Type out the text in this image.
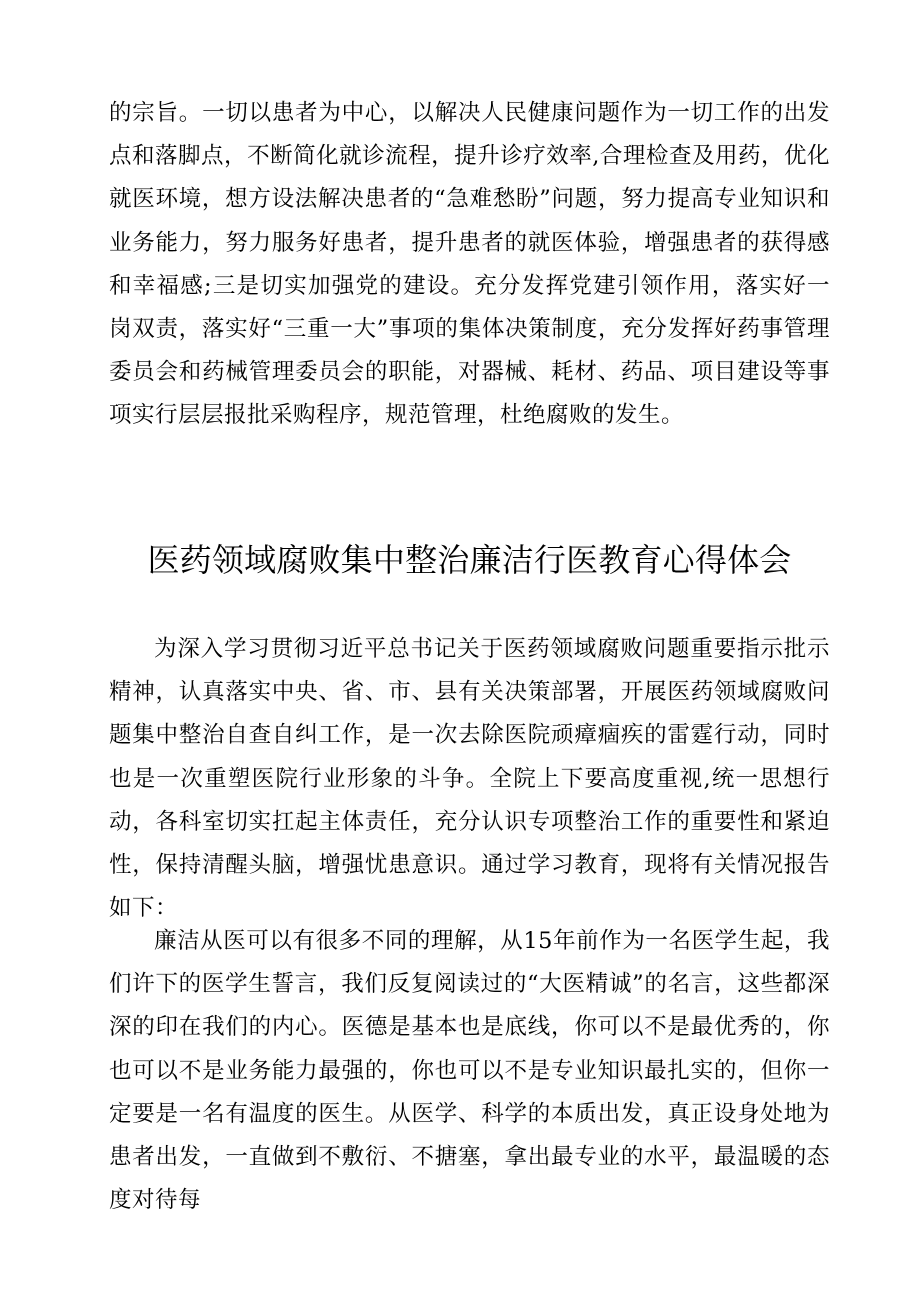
的宗旨。一切以患者为中心，以解决人民健康问题作为一切工作的出发点和落脚点，不断简化就诊流程，提升诊疗效率,合理检查及用药，优化就医环境，想方设法解决患者的“急难愁盼”问题，努力提高专业知识和业务能力，努力服务好患者，提升患者的就医体验，增强患者的获得感和幸福感;三是切实加强党的建设。充分发挥党建引领作用，落实好一岗双责，落实好“三重一大”事项的集体决策制度，充分发挥好药事管理委员会和药械管理委员会的职能，对器械、耗材、药品、项目建设等事项实行层层报批采购程序，规范管理，杜绝腐败的发生。

医药领域腐败集中整治廉洁行医教育心得体会

为深入学习贯彻习近平总书记关于医药领域腐败问题重要指示批示精神，认真落实中央、省、市、县有关决策部署，开展医药领域腐败问题集中整治自查自纠工作，是一次去除医院顽瘴痼疾的雷霆行动，同时也是一次重塑医院行业形象的斗争。全院上下要高度重视,统一思想行动，各科室切实扛起主体责任，充分认识专项整治工作的重要性和紧迫性，保持清醒头脑，增强忧患意识。通过学习教育，现将有关情况报告如下：

廉洁从医可以有很多不同的理解，从15年前作为一名医学生起，我们许下的医学生誓言，我们反复阅读过的“大医精诚”的名言，这些都深深的印在我们的内心。医德是基本也是底线，你可以不是最优秀的，你也可以不是业务能力最强的，你也可以不是专业知识最扎实的，但你一定要是一名有温度的医生。从医学、科学的本质出发，真正设身处地为患者出发，一直做到不敷衍、不搪塞，拿出最专业的水平，最温暖的态度对待每
